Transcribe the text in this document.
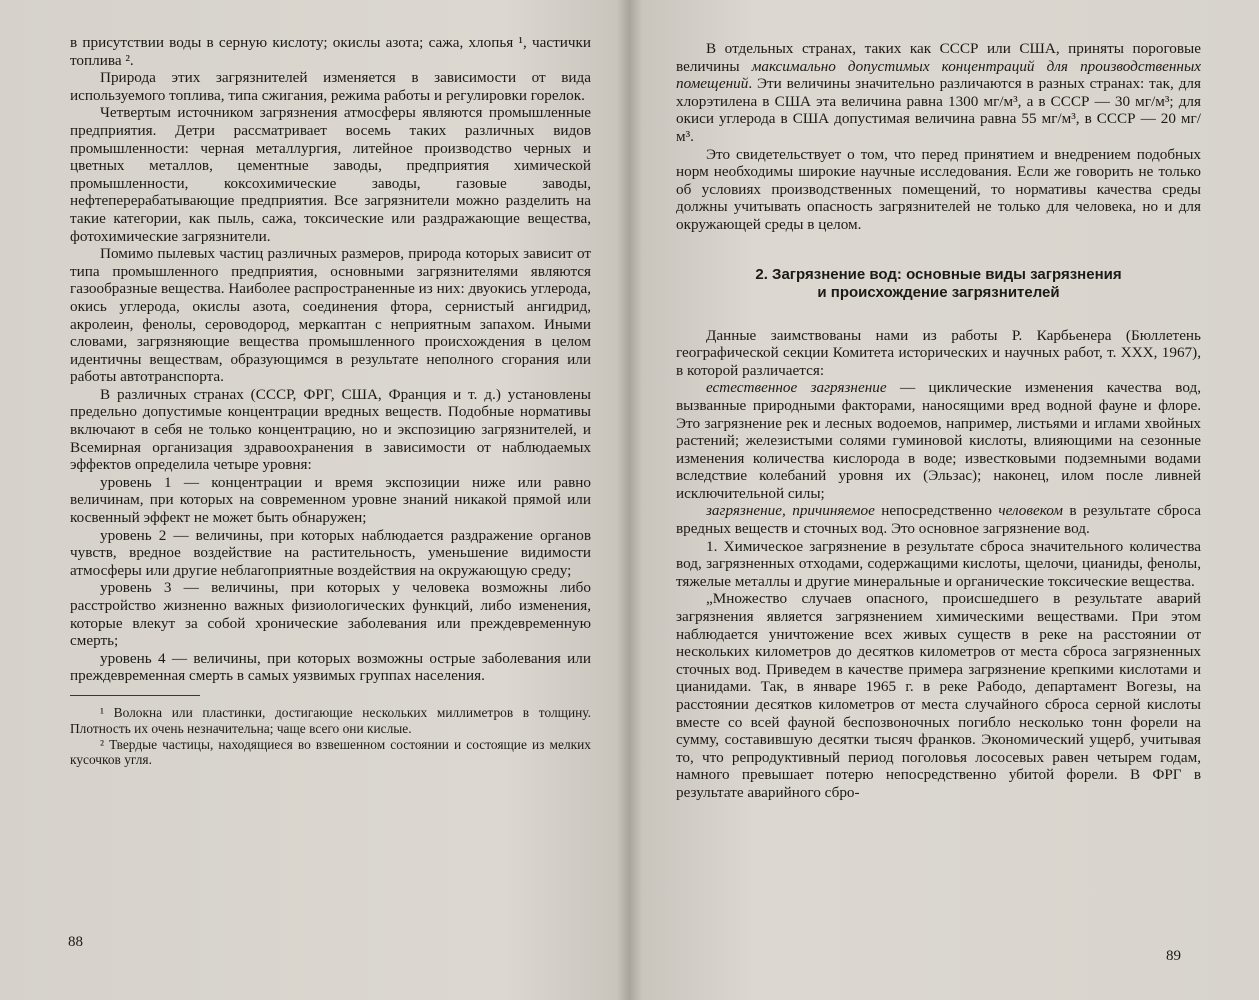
в присутствии воды в серную кислоту; окислы азота; сажа, хлопья ¹, частички топлива ².

Природа этих загрязнителей изменяется в зависимости от вида используемого топлива, типа сжигания, режима работы и регулировки горелок.

Четвертым источником загрязнения атмосферы являются промышленные предприятия. Детри рассматривает восемь таких различных видов промышленности: черная металлургия, литейное производство черных и цветных металлов, цементные заводы, предприятия химической промышленности, коксохимические заводы, газовые заводы, нефтеперерабатывающие предприятия. Все загрязнители можно разделить на такие категории, как пыль, сажа, токсические или раздражающие вещества, фотохимические загрязнители.

Помимо пылевых частиц различных размеров, природа которых зависит от типа промышленного предприятия, основными загрязнителями являются газообразные вещества. Наиболее распространенные из них: двуокись углерода, окись углерода, окислы азота, соединения фтора, сернистый ангидрид, акролеин, фенолы, сероводород, меркаптан с неприятным запахом. Иными словами, загрязняющие вещества промышленного происхождения в целом идентичны веществам, образующимся в результате неполного сгорания или работы автотранспорта.

В различных странах (СССР, ФРГ, США, Франция и т. д.) установлены предельно допустимые концентрации вредных веществ. Подобные нормативы включают в себя не только концентрацию, но и экспозицию загрязнителей, и Всемирная организация здравоохранения в зависимости от наблюдаемых эффектов определила четыре уровня:

уровень 1 — концентрации и время экспозиции ниже или равно величинам, при которых на современном уровне знаний никакой прямой или косвенный эффект не может быть обнаружен;

уровень 2 — величины, при которых наблюдается раздражение органов чувств, вредное воздействие на растительность, уменьшение видимости атмосферы или другие неблагоприятные воздействия на окружающую среду;

уровень 3 — величины, при которых у человека возможны либо расстройство жизненно важных физиологических функций, либо изменения, которые влекут за собой хронические заболевания или преждевременную смерть;

уровень 4 — величины, при которых возможны острые заболевания или преждевременная смерть в самых уязвимых группах населения.

¹ Волокна или пластинки, достигающие нескольких миллиметров в толщину. Плотность их очень незначительна; чаще всего они кислые.

² Твердые частицы, находящиеся во взвешенном состоянии и состоящие из мелких кусочков угля.

88

В отдельных странах, таких как СССР или США, приняты пороговые величины максимально допустимых концентраций для производственных помещений. Эти величины значительно различаются в разных странах: так, для хлорэтилена в США эта величина равна 1300 мг/м³, а в СССР — 30 мг/м³; для окиси углерода в США допустимая величина равна 55 мг/м³, в СССР — 20 мг/м³.

Это свидетельствует о том, что перед принятием и внедрением подобных норм необходимы широкие научные исследования. Если же говорить не только об условиях производственных помещений, то нормативы качества среды должны учитывать опасность загрязнителей не только для человека, но и для окружающей среды в целом.

2. Загрязнение вод: основные виды загрязнения
и происхождение загрязнителей

Данные заимствованы нами из работы Р. Карбьенера (Бюллетень географической секции Комитета исторических и научных работ, т. XXX, 1967), в которой различается:

естественное загрязнение — циклические изменения качества вод, вызванные природными факторами, наносящими вред водной фауне и флоре. Это загрязнение рек и лесных водоемов, например, листьями и иглами хвойных растений; железистыми солями гуминовой кислоты, влияющими на сезонные изменения количества кислорода в воде; известковыми подземными водами вследствие колебаний уровня их (Эльзас); наконец, илом после ливней исключительной силы;

загрязнение, причиняемое непосредственно человеком в результате сброса вредных веществ и сточных вод. Это основное загрязнение вод.

1. Химическое загрязнение в результате сброса значительного количества вод, загрязненных отходами, содержащими кислоты, щелочи, цианиды, фенолы, тяжелые металлы и другие минеральные и органические токсические вещества.

„Множество случаев опасного, происшедшего в результате аварий загрязнения является загрязнением химическими веществами. При этом наблюдается уничтожение всех живых существ в реке на расстоянии от нескольких километров до десятков километров от места сброса загрязненных сточных вод. Приведем в качестве примера загрязнение крепкими кислотами и цианидами. Так, в январе 1965 г. в реке Рабодо, департамент Вогезы, на расстоянии десятков километров от места случайного сброса серной кислоты вместе со всей фауной беспозвоночных погибло несколько тонн форели на сумму, составившую десятки тысяч франков. Экономический ущерб, учитывая то, что репродуктивный период поголовья лососевых равен четырем годам, намного превышает потерю непосредственно убитой форели. В ФРГ в результате аварийного сбро-

89
